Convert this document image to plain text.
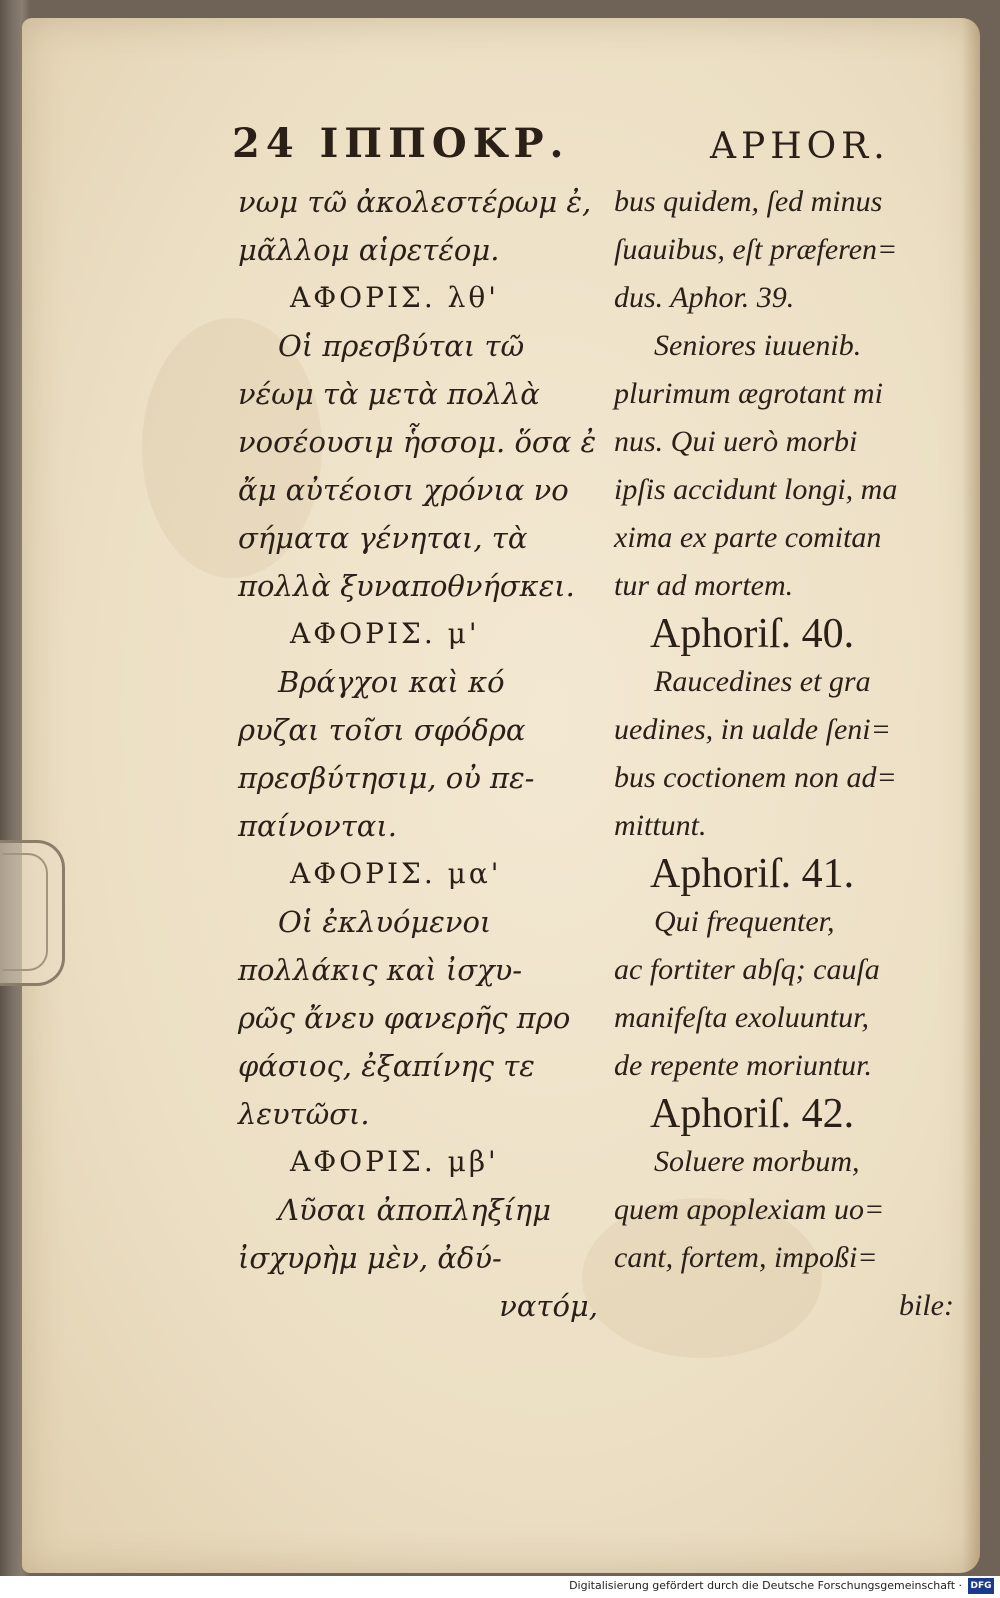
24 ΙΠΠΟΚΡ.	APHOR.
νωμ τῶ ἀκολεστέρωμ ἐ,
μᾶλλομ αἱρετέομ.
ΑΦΟΡΙΣ. λθ'
Οἱ πρεσβύται τῶ
νέωμ τὰ μετὰ πολλὰ
νοσέουσιμ ἧσσομ. ὅσα ἐ
ἄμ αὐτέοισι χρόνια νο
σήματα γένηται, τὰ
πολλὰ ξυναποθνήσκει.
ΑΦΟΡΙΣ. μ'
Βράγχοι καὶ κό
ρυζαι τοῖσι σφόδρα
πρεσβύτησιμ, οὐ πε-
παίνονται.
ΑΦΟΡΙΣ. μα'
Οἱ ἐκλυόμενοι
πολλάκις καὶ ἰσχυ-
ρῶς ἄνευ φανερῆς προ
φάσιος, ἐξαπίνης τε
λευτῶσι.
ΑΦΟΡΙΣ. μβ'
Λῦσαι ἀποπληξίημ
ἰσχυρὴμ μὲν, ἀδύ-
νατόμ,
bus quidem, ſed minus
ſuauibus, eſt præferen=
dus. Aphor. 39.
Seniores iuuenib.
plurimum ægrotant mi
nus. Qui uerò morbi
ipſis accidunt longi, ma
xima ex parte comitan
tur ad mortem.
Aphoriſ. 40.
Raucedines et gra
uedines, in ualde ſeni=
bus coctionem non ad=
mittunt.
Aphoriſ. 41.
Qui frequenter,
ac fortiter abſq; cauſa
manifeſta exoluuntur,
de repente moriuntur.
Aphoriſ. 42.
Soluere morbum,
quem apoplexiam uo=
cant, fortem, impoßi=
bile:
Digitalisierung gefördert durch die Deutsche Forschungsgemeinschaft · DFG
